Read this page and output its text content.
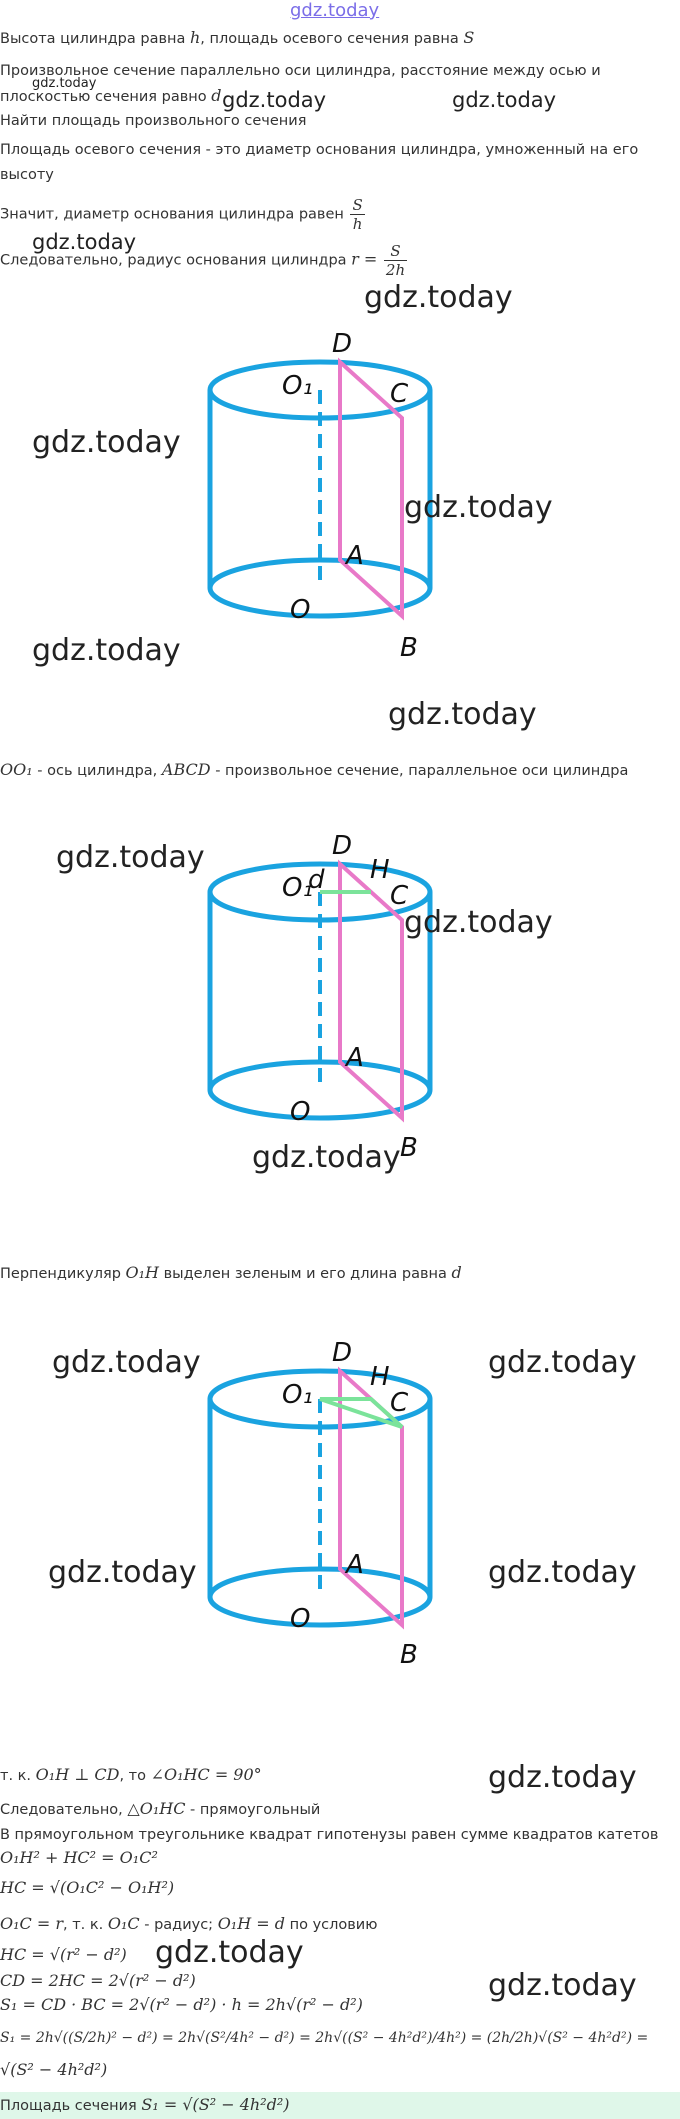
gdz.today
Высота цилиндра равна h, площадь осевого сечения равна S
Произвольное сечение параллельно оси цилиндра, расстояние между осью и
плоскостью сечения равно d
Найти площадь произвольного сечения
Площадь осевого сечения - это диаметр основания цилиндра, умноженный на его
высоту
Значит, диаметр основания цилиндра равен $\frac{S}{h}$
Следовательно, радиус основания цилиндра $r = \frac{S}{2h}$
D
C
O₁
A
O
B
OO₁ - ось цилиндра, ABCD - произвольное сечение, параллельное оси цилиндра
D
H
C
O₁
d
A
O
B
Перпендикуляр O₁H выделен зеленым и его длина равна d
D
H
C
O₁
A
O
B
т. к. O₁H ⊥ CD, то ∠O₁HC = 90°
Следовательно, △O₁HC - прямоугольный
В прямоугольном треугольнике квадрат гипотенузы равен сумме квадратов катетов
O₁H² + HC² = O₁C²
HC = √(O₁C² − O₁H²)
O₁C = r, т. к. O₁C - радиус; O₁H = d по условию
HC = √(r² − d²)
CD = 2HC = 2√(r² − d²)
S₁ = CD · BC = 2√(r² − d²) · h = 2h√(r² − d²)
S₁ = 2h√((S/2h)² − d²) = 2h√(S²/4h² − d²) = 2h√((S² − 4h²d²)/4h²) = (2h/2h)√(S² − 4h²d²) =
√(S² − 4h²d²)
Площадь сечения S₁ = √(S² − 4h²d²)
gdz.today
gdz.today	gdz.today
gdz.today
gdz.today
gdz.today
gdz.today
gdz.today
gdz.today
gdz.today
gdz.today
gdz.today
gdz.today	gdz.today
gdz.today	gdz.today
gdz.today
gdz.today
gdz.today
